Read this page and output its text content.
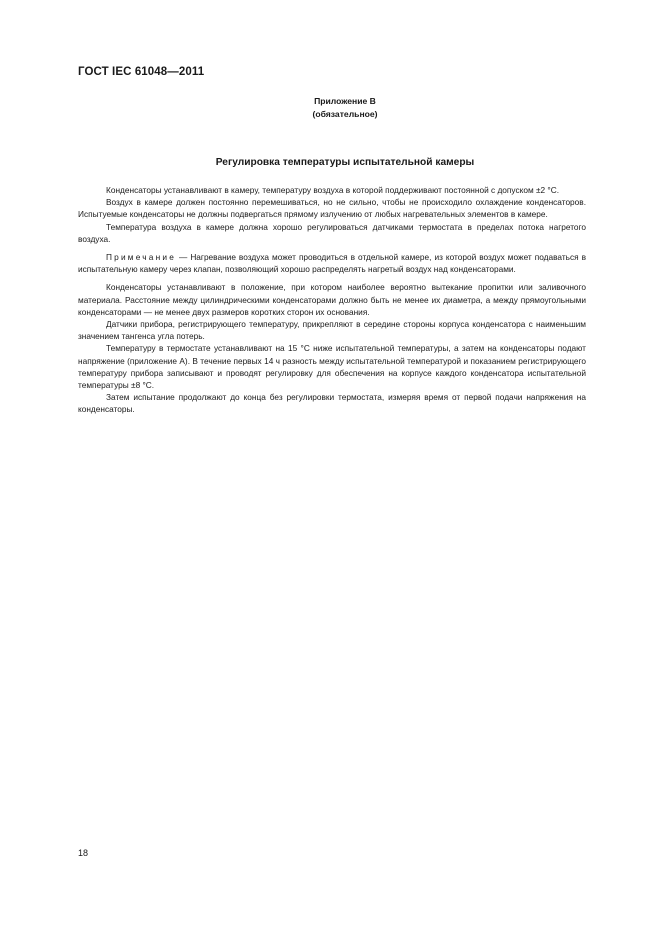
ГОСТ IEC 61048—2011
Приложение В
(обязательное)
Регулировка температуры испытательной камеры

Конденсаторы устанавливают в камеру, температуру воздуха в которой поддерживают постоянной с допуском ±2 °С.

Воздух в камере должен постоянно перемешиваться, но не сильно, чтобы не происходило охлаждение конденсаторов. Испытуемые конденсаторы не должны подвергаться прямому излучению от любых нагревательных элементов в камере.

Температура воздуха в камере должна хорошо регулироваться датчиками термостата в пределах потока нагретого воздуха.

Примечание — Нагревание воздуха может проводиться в отдельной камере, из которой воздух может подаваться в испытательную камеру через клапан, позволяющий хорошо распределять нагретый воздух над конденсаторами.

Конденсаторы устанавливают в положение, при котором наиболее вероятно вытекание пропитки или заливочного материала. Расстояние между цилиндрическими конденсаторами должно быть не менее их диаметра, а между прямоугольными конденсаторами — не менее двух размеров коротких сторон их основания.

Датчики прибора, регистрирующего температуру, прикрепляют в середине стороны корпуса конденсатора с наименьшим значением тангенса угла потерь.

Температуру в термостате устанавливают на 15 °С ниже испытательной температуры, а затем на конденсаторы подают напряжение (приложение А). В течение первых 14 ч разность между испытательной температурой и показанием регистрирующего температуру прибора записывают и проводят регулировку для обеспечения на корпусе каждого конденсатора испытательной температуры ±8 °С.

Затем испытание продолжают до конца без регулировки термостата, измеряя время от первой подачи напряжения на конденсаторы.

18
